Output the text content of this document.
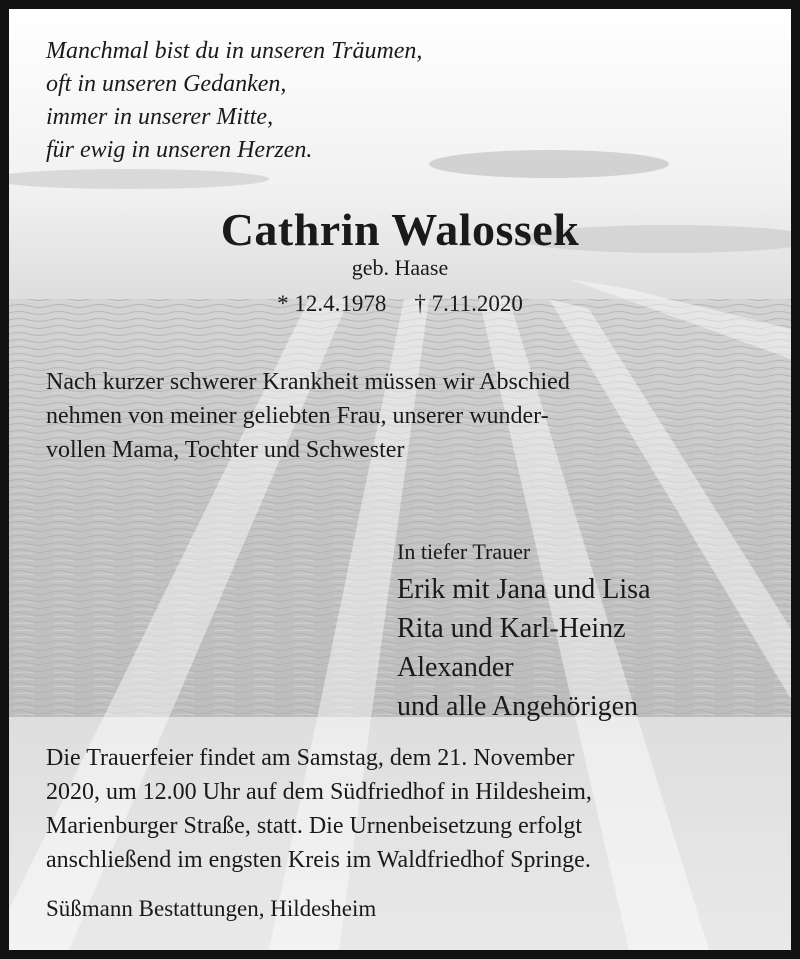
Manchmal bist du in unseren Träumen,
oft in unseren Gedanken,
immer in unserer Mitte,
für ewig in unseren Herzen.
Cathrin Walossek
geb. Haase
* 12.4.1978 † 7.11.2020
Nach kurzer schwerer Krankheit müssen wir Abschied
nehmen von meiner geliebten Frau, unserer wunder-
vollen Mama, Tochter und Schwester
In tiefer Trauer
Erik mit Jana und Lisa
Rita und Karl-Heinz
Alexander
und alle Angehörigen
Die Trauerfeier findet am Samstag, dem 21. November
2020, um 12.00 Uhr auf dem Südfriedhof in Hildesheim,
Marienburger Straße, statt. Die Urnenbeisetzung erfolgt
anschließend im engsten Kreis im Waldfriedhof Springe.
Süßmann Bestattungen, Hildesheim
